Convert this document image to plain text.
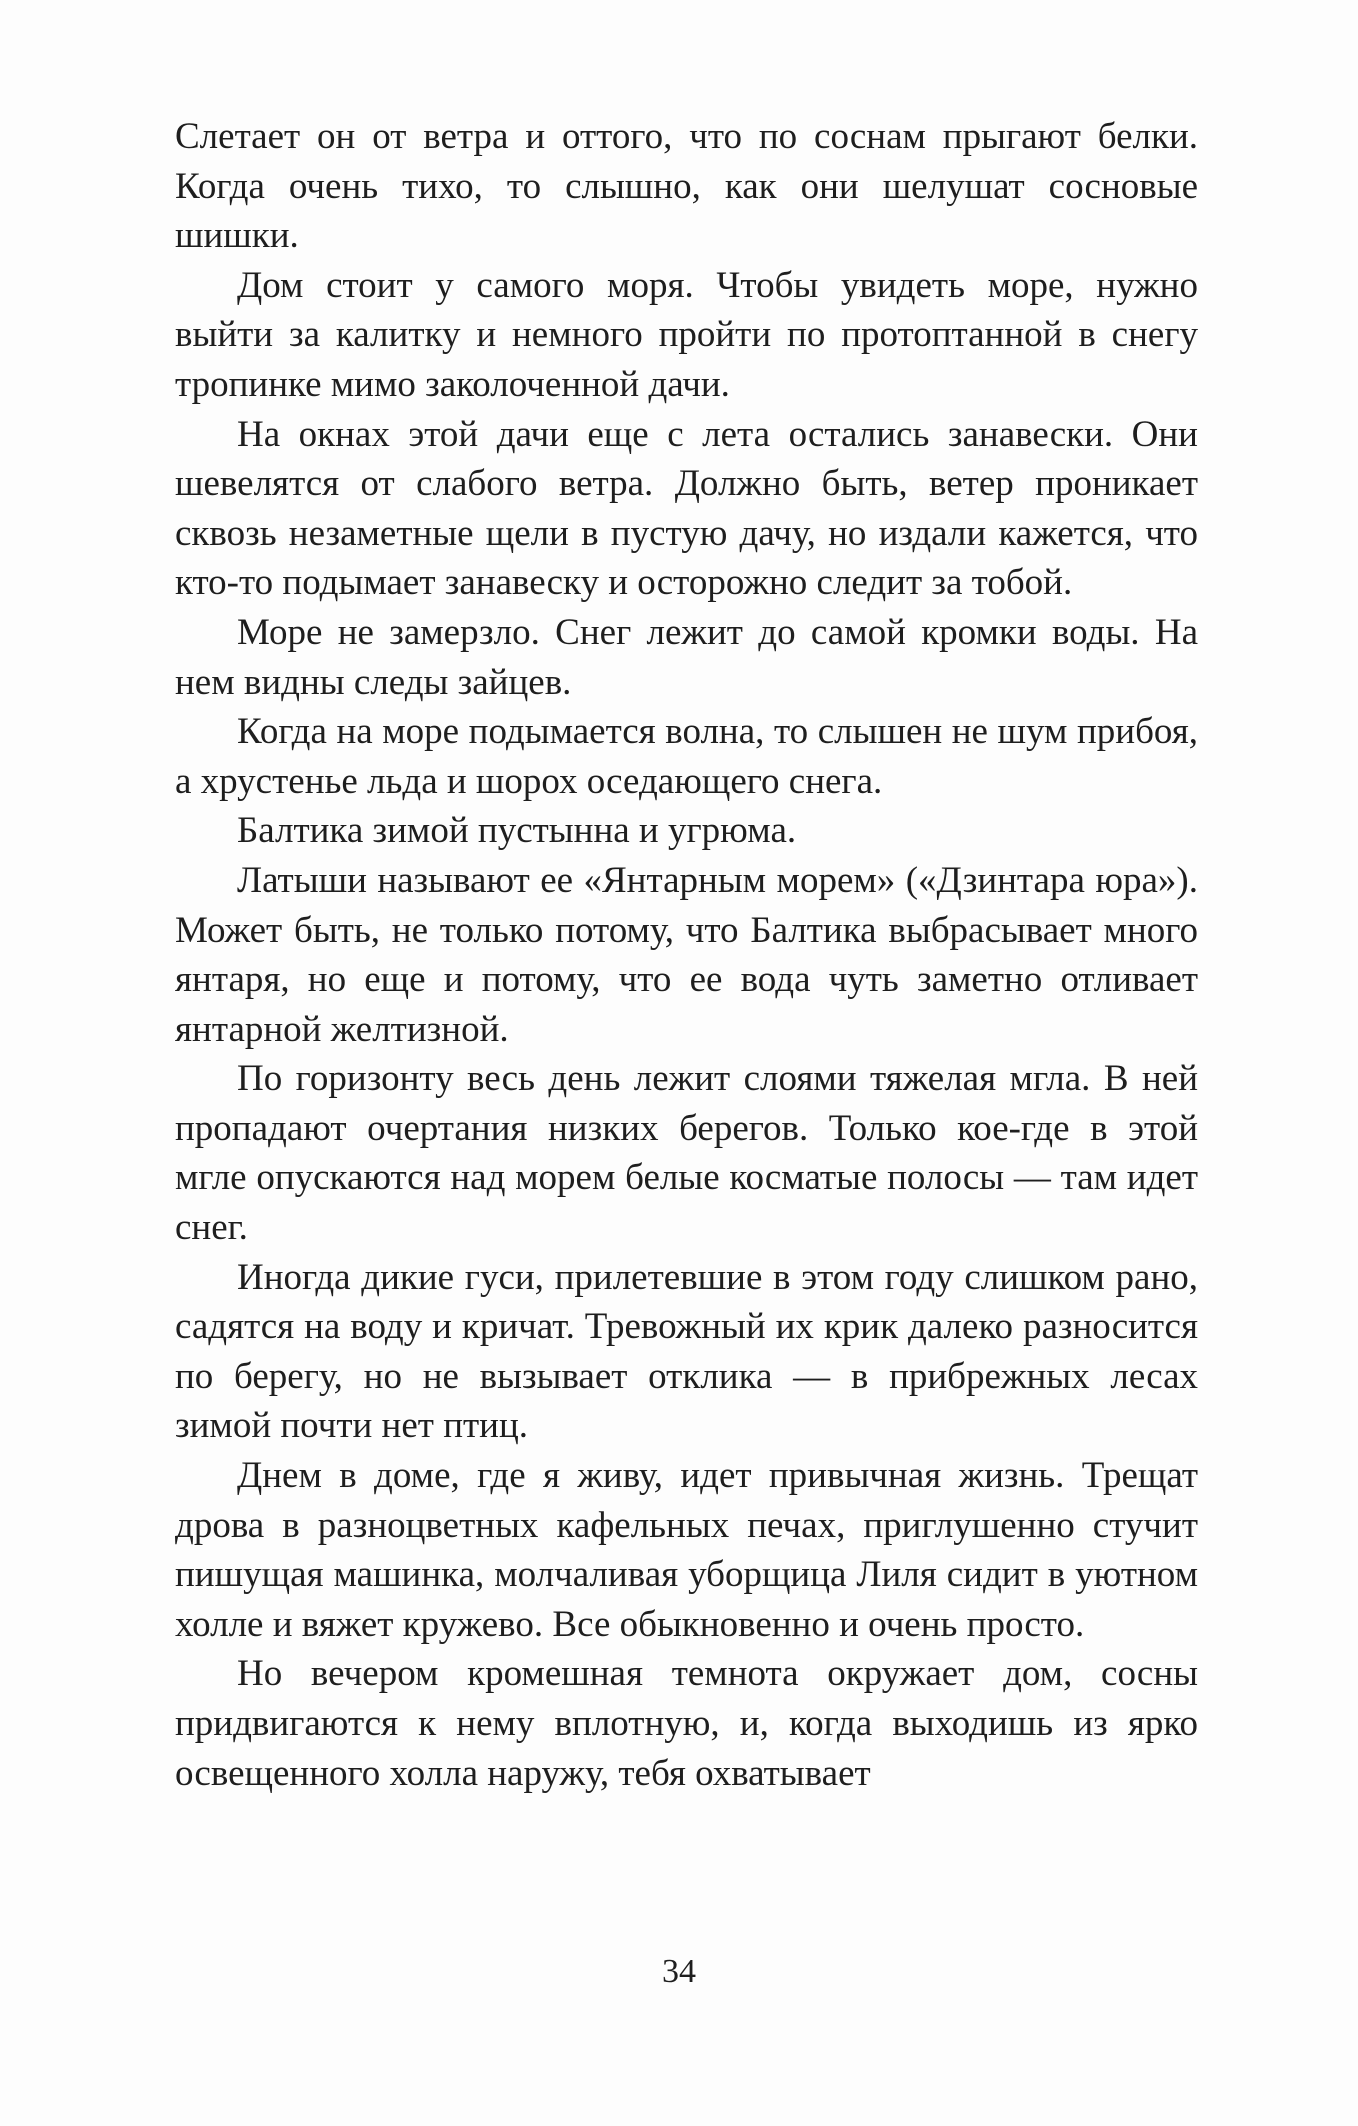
Слетает он от ветра и оттого, что по соснам прыгают белки. Когда очень тихо, то слышно, как они шелушат сосновые шишки.

Дом стоит у самого моря. Чтобы увидеть море, нужно выйти за калитку и немного пройти по протоптанной в снегу тропинке мимо заколоченной дачи.

На окнах этой дачи еще с лета остались занавески. Они шевелятся от слабого ветра. Должно быть, ветер проникает сквозь незаметные щели в пустую дачу, но издали кажется, что кто-то подымает занавеску и осторожно следит за тобой.

Море не замерзло. Снег лежит до самой кромки воды. На нем видны следы зайцев.

Когда на море подымается волна, то слышен не шум прибоя, а хрустенье льда и шорох оседающего снега.

Балтика зимой пустынна и угрюма.

Латыши называют ее «Янтарным морем» («Дзинтара юра»). Может быть, не только потому, что Балтика выбрасывает много янтаря, но еще и потому, что ее вода чуть заметно отливает янтарной желтизной.

По горизонту весь день лежит слоями тяжелая мгла. В ней пропадают очертания низких берегов. Только кое-где в этой мгле опускаются над морем белые косматые полосы — там идет снег.

Иногда дикие гуси, прилетевшие в этом году слишком рано, садятся на воду и кричат. Тревожный их крик далеко разносится по берегу, но не вызывает отклика — в прибрежных лесах зимой почти нет птиц.

Днем в доме, где я живу, идет привычная жизнь. Трещат дрова в разноцветных кафельных печах, приглушенно стучит пишущая машинка, молчаливая уборщица Лиля сидит в уютном холле и вяжет кружево. Все обыкновенно и очень просто.

Но вечером кромешная темнота окружает дом, сосны придвигаются к нему вплотную, и, когда выходишь из ярко освещенного холла наружу, тебя охватывает

34
